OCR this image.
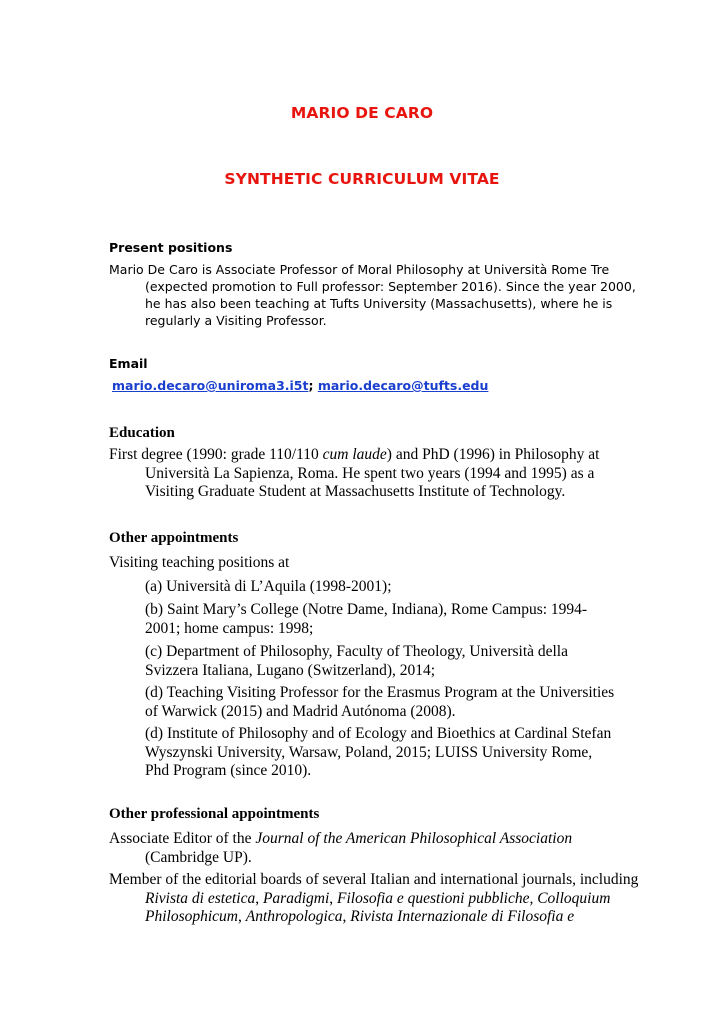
MARIO DE CARO
SYNTHETIC CURRICULUM VITAE
Present positions
Mario De Caro is Associate Professor of Moral Philosophy at Università Rome Tre (expected promotion to Full professor: September 2016). Since the year 2000, he has also been teaching at Tufts University (Massachusetts), where he is regularly a Visiting Professor.
Email
mario.decaro@uniroma3.i5t; mario.decaro@tufts.edu
Education
First degree (1990: grade 110/110 cum laude) and PhD (1996) in Philosophy at Università La Sapienza, Roma. He spent two years (1994 and 1995) as a Visiting Graduate Student at Massachusetts Institute of Technology.
Other appointments
Visiting teaching positions at
(a) Università di L’Aquila (1998-2001);
(b) Saint Mary’s College (Notre Dame, Indiana), Rome Campus: 1994-2001; home campus: 1998;
(c) Department of Philosophy, Faculty of Theology, Università della Svizzera Italiana, Lugano (Switzerland), 2014;
(d) Teaching Visiting Professor for the Erasmus Program at the Universities of Warwick (2015) and Madrid Autónoma (2008).
(d) Institute of Philosophy and of Ecology and Bioethics at Cardinal Stefan Wyszynski University, Warsaw, Poland, 2015; LUISS University Rome, Phd Program (since 2010).
Other professional appointments
Associate Editor of the Journal of the American Philosophical Association (Cambridge UP).
Member of the editorial boards of several Italian and international journals, including Rivista di estetica, Paradigmi, Filosofia e questioni pubbliche, Colloquium Philosophicum, Anthropologica, Rivista Internazionale di Filosofia e
